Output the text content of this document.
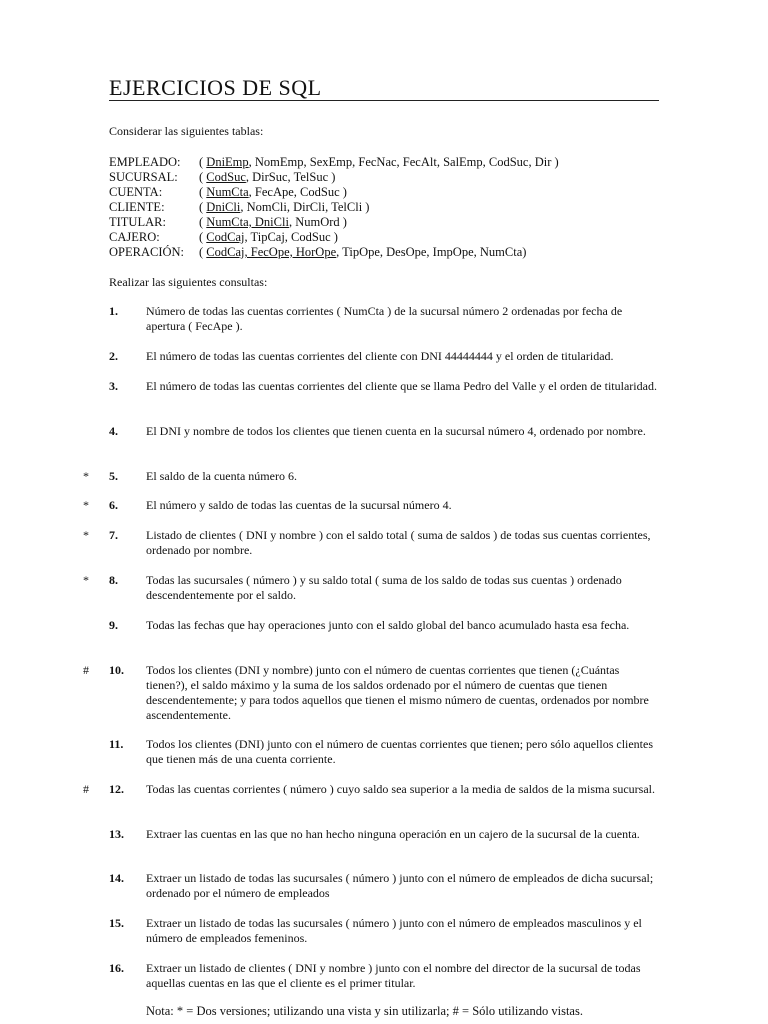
EJERCICIOS DE SQL
Considerar las siguientes tablas:
EMPLEADO:	( DniEmp, NomEmp, SexEmp, FecNac, FecAlt, SalEmp, CodSuc, Dir )
SUCURSAL:	( CodSuc, DirSuc, TelSuc )
CUENTA:	( NumCta, FecApe, CodSuc )
CLIENTE:	( DniCli, NomCli, DirCli, TelCli )
TITULAR:	( NumCta, DniCli, NumOrd )
CAJERO:	( CodCaj, TipCaj, CodSuc )
OPERACIÓN:	( CodCaj, FecOpe, HorOpe, TipOpe, DesOpe, ImpOpe, NumCta)
Realizar las siguientes consultas:
1. Número de todas las cuentas corrientes ( NumCta ) de la sucursal número 2 ordenadas por fecha de apertura ( FecApe ).
2. El número de todas las cuentas corrientes del cliente con DNI 44444444 y el orden de titularidad.
3. El número de todas las cuentas corrientes del cliente que se llama Pedro del Valle y el orden de titularidad.
4. El DNI y nombre de todos los clientes que tienen cuenta en la sucursal número 4, ordenado por nombre.
* 5. El saldo de la cuenta número 6.
* 6. El número y saldo de todas las cuentas de la sucursal número 4.
* 7. Listado de clientes ( DNI y nombre ) con el saldo total ( suma de saldos ) de todas sus cuentas corrientes, ordenado por nombre.
* 8. Todas las sucursales ( número ) y su saldo total ( suma de los saldo de todas sus cuentas ) ordenado descendentemente por el saldo.
9. Todas las fechas que hay operaciones junto con el saldo global del banco acumulado hasta esa fecha.
# 10. Todos los clientes (DNI y nombre) junto con el número de cuentas corrientes que tienen (¿Cuántas tienen?), el saldo máximo y la suma de los saldos ordenado por el número de cuentas que tienen descendentemente; y para todos aquellos que tienen el mismo número de cuentas, ordenados por nombre ascendentemente.
11. Todos los clientes (DNI) junto con el número de cuentas corrientes que tienen; pero sólo aquellos clientes que tienen más de una cuenta corriente.
# 12. Todas las cuentas corrientes ( número ) cuyo saldo sea superior a la media de saldos de la misma sucursal.
13. Extraer las cuentas en las que no han hecho ninguna operación en un cajero de la sucursal de la cuenta.
14. Extraer un listado de todas las sucursales ( número ) junto con el número de empleados de dicha sucursal; ordenado por el número de empleados
15. Extraer un listado de todas las sucursales ( número ) junto con el número de empleados masculinos y el número de empleados femeninos.
16. Extraer un listado de clientes ( DNI y nombre ) junto con el nombre del director de la sucursal de todas aquellas cuentas en las que el cliente es el primer titular.
Nota: * = Dos versiones; utilizando una vista y sin utilizarla; # = Sólo utilizando vistas.
